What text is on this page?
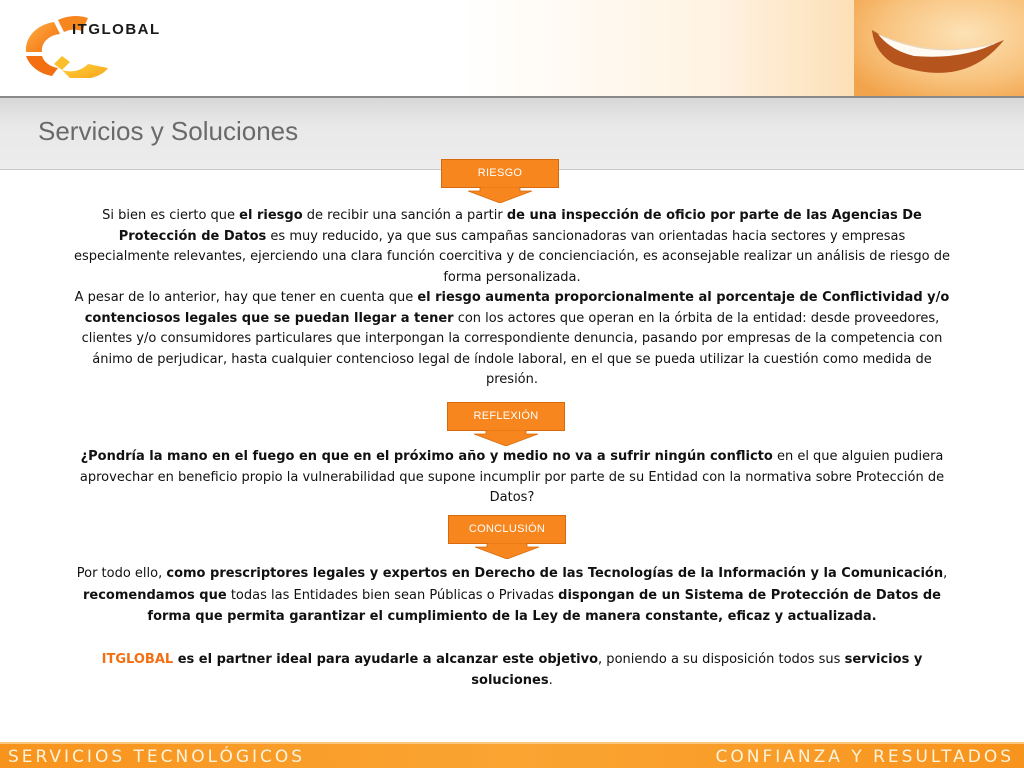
ITGLOBAL
Servicios y Soluciones
RIESGO

Si bien es cierto que el riesgo de recibir una sanción a partir de una inspección de oficio por parte de las Agencias De Protección de Datos es muy reducido, ya que sus campañas sancionadoras van orientadas hacia sectores y empresas especialmente relevantes, ejerciendo una clara función coercitiva y de concienciación, es aconsejable realizar un análisis de riesgo de forma personalizada.

A pesar de lo anterior, hay que tener en cuenta que el riesgo aumenta proporcionalmente al porcentaje de Conflictividad y/o contenciosos legales que se puedan llegar a tener con los actores que operan en la órbita de la entidad: desde proveedores, clientes y/o consumidores particulares que interpongan la correspondiente denuncia, pasando por empresas de la competencia con ánimo de perjudicar, hasta cualquier contencioso legal de índole laboral, en el que se pueda utilizar la cuestión como medida de presión.

REFLEXIÓN

¿Pondría la mano en el fuego en que en el próximo año y medio no va a sufrir ningún conflicto en el que alguien pudiera aprovechar en beneficio propio la vulnerabilidad que supone incumplir por parte de su Entidad con la normativa sobre Protección de Datos?

CONCLUSIÓN

Por todo ello, como prescriptores legales y expertos en Derecho de las Tecnologías de la Información y la Comunicación, recomendamos que todas las Entidades bien sean Públicas o Privadas dispongan de un Sistema de Protección de Datos de forma que permita garantizar el cumplimiento de la Ley de manera constante, eficaz y actualizada.

ITGLOBAL es el partner ideal para ayudarle a alcanzar este objetivo, poniendo a su disposición todos sus servicios y soluciones.

SERVICIOS TECNOLÓGICOS	CONFIANZA Y RESULTADOS
